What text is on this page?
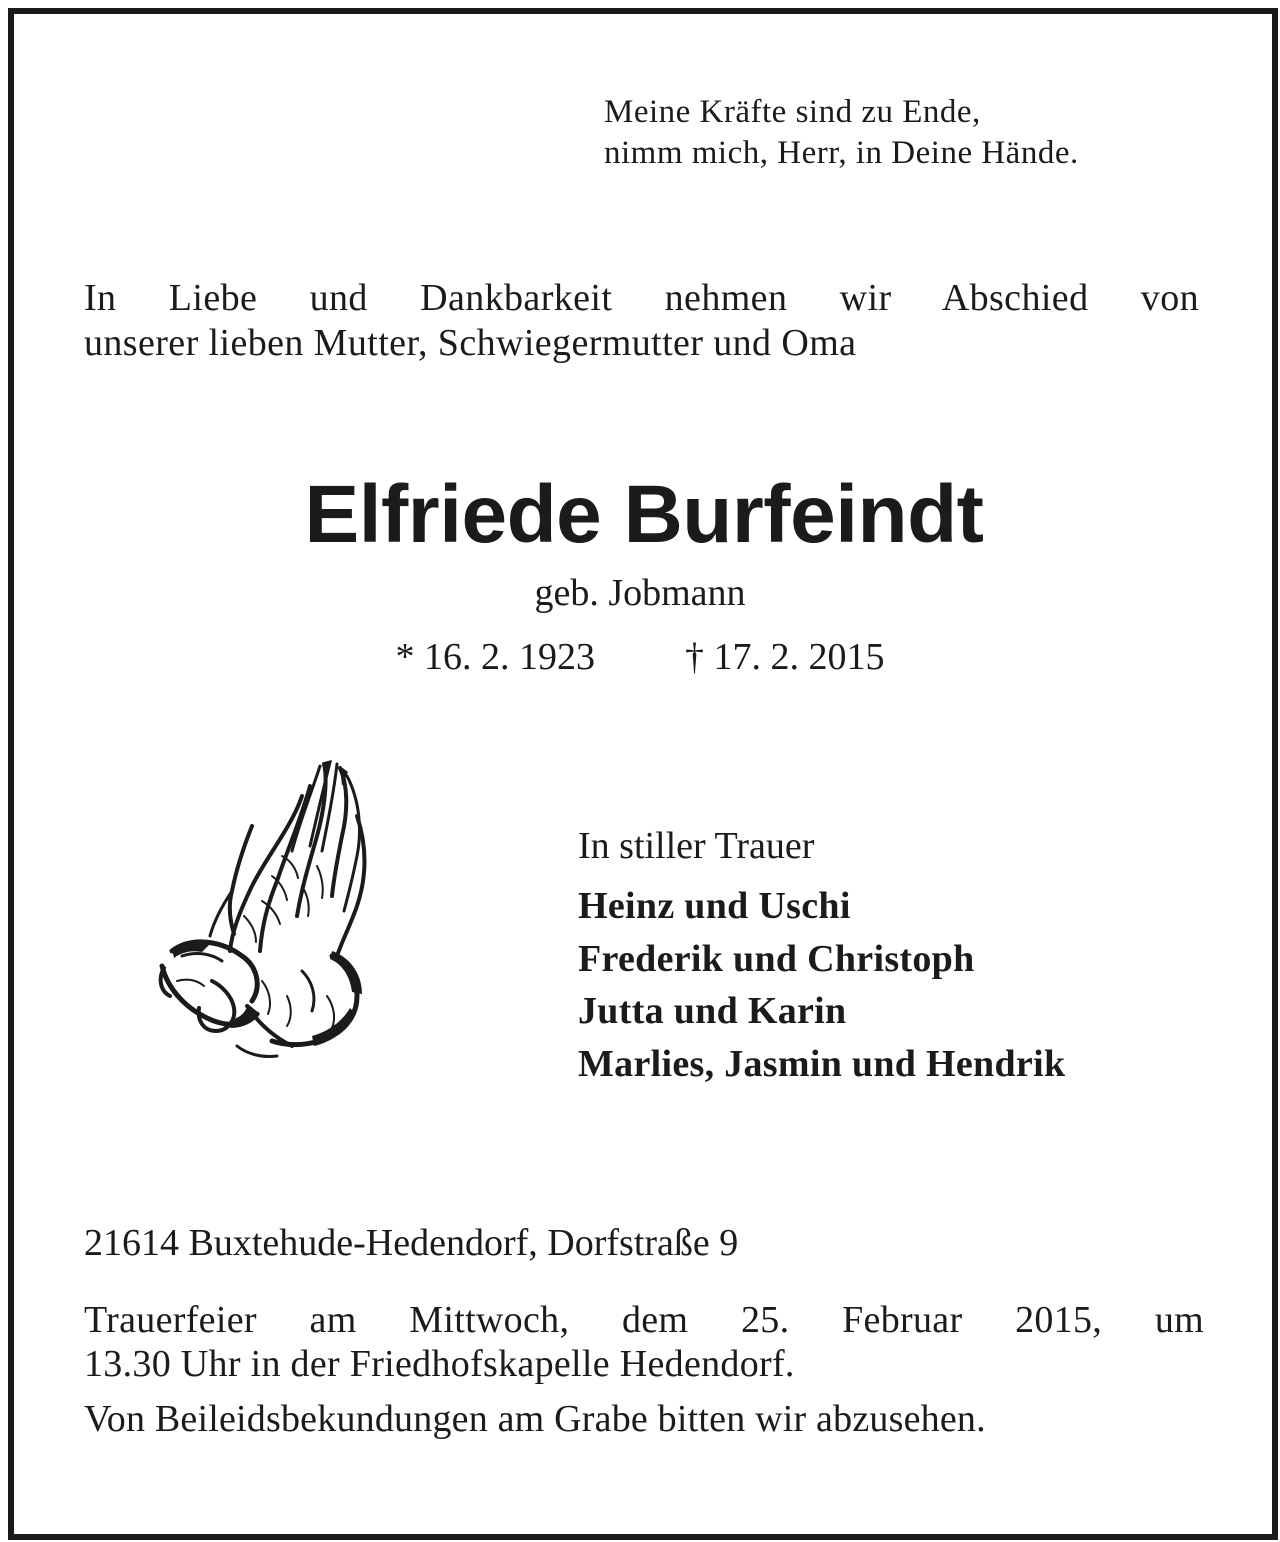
Meine Kräfte sind zu Ende,
nimm mich, Herr, in Deine Hände.
In Liebe und Dankbarkeit nehmen wir Abschied von
unserer lieben Mutter, Schwiegermutter und Oma
Elfriede Burfeindt
geb. Jobmann
* 16. 2. 1923 † 17. 2. 2015
In stiller Trauer
Heinz und Uschi
Frederik und Christoph
Jutta und Karin
Marlies, Jasmin und Hendrik
21614 Buxtehude-Hedendorf, Dorfstraße 9
Trauerfeier am Mittwoch, dem 25. Februar 2015, um
13.30 Uhr in der Friedhofskapelle Hedendorf.
Von Beileidsbekundungen am Grabe bitten wir abzusehen.
